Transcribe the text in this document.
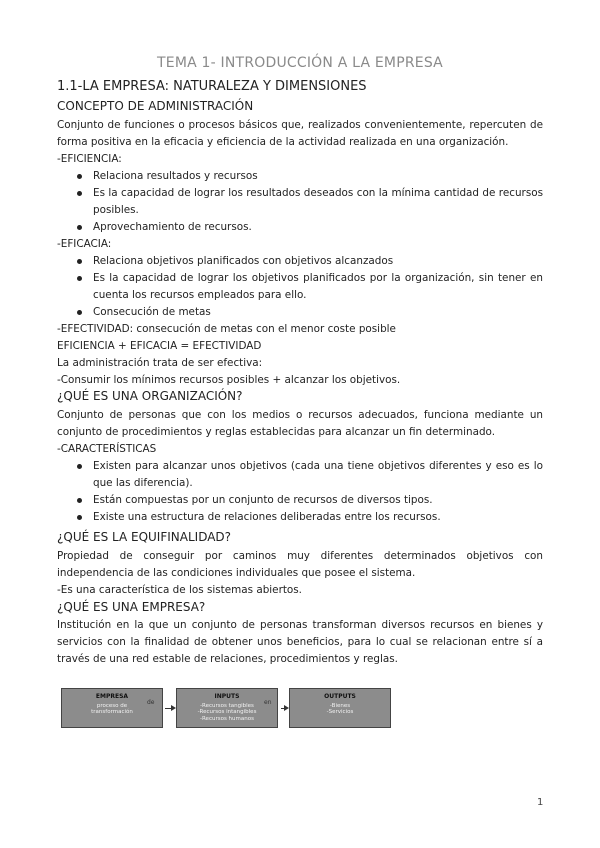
TEMA 1- INTRODUCCIÓN A LA EMPRESA
1.1-LA EMPRESA: NATURALEZA Y DIMENSIONES
CONCEPTO DE ADMINISTRACIÓN

Conjunto de funciones o procesos básicos que, realizados convenientemente, repercuten de forma positiva en la eficacia y eficiencia de la actividad realizada en una organización.

-EFICIENCIA:

Relaciona resultados y recursos
Es la capacidad de lograr los resultados deseados con la mínima cantidad de recursos posibles.
Aprovechamiento de recursos.

-EFICACIA:

Relaciona objetivos planificados con objetivos alcanzados
Es la capacidad de lograr los objetivos planificados por la organización, sin tener en cuenta los recursos empleados para ello.
Consecución de metas

-EFECTIVIDAD: consecución de metas con el menor coste posible

EFICIENCIA + EFICACIA = EFECTIVIDAD

La administración trata de ser efectiva:

-Consumir los mínimos recursos posibles + alcanzar los objetivos.

¿QUÉ ES UNA ORGANIZACIÓN?

Conjunto de personas que con los medios o recursos adecuados, funciona mediante un conjunto de procedimientos y reglas establecidas para alcanzar un fin determinado.

-CARACTERÍSTICAS

Existen para alcanzar unos objetivos (cada una tiene objetivos diferentes y eso es lo que las diferencia).
Están compuestas por un conjunto de recursos de diversos tipos.
Existe una estructura de relaciones deliberadas entre los recursos.
¿QUÉ ES LA EQUIFINALIDAD?

Propiedad de conseguir por caminos muy diferentes determinados objetivos con independencia de las condiciones individuales que posee el sistema.

-Es una característica de los sistemas abiertos.

¿QUÉ ES UNA EMPRESA?

Institución en la que un conjunto de personas transforman diversos recursos en bienes y servicios con la finalidad de obtener unos beneficios, para lo cual se relacionan entre sí a través de una red estable de relaciones, procedimientos y reglas.

EMPRESA
proceso de
transformación
de
INPUTS
-Recursos tangibles
-Recursos intangibles
-Recursos humanos
en
OUTPUTS
-Bienes
-Servicios
1
